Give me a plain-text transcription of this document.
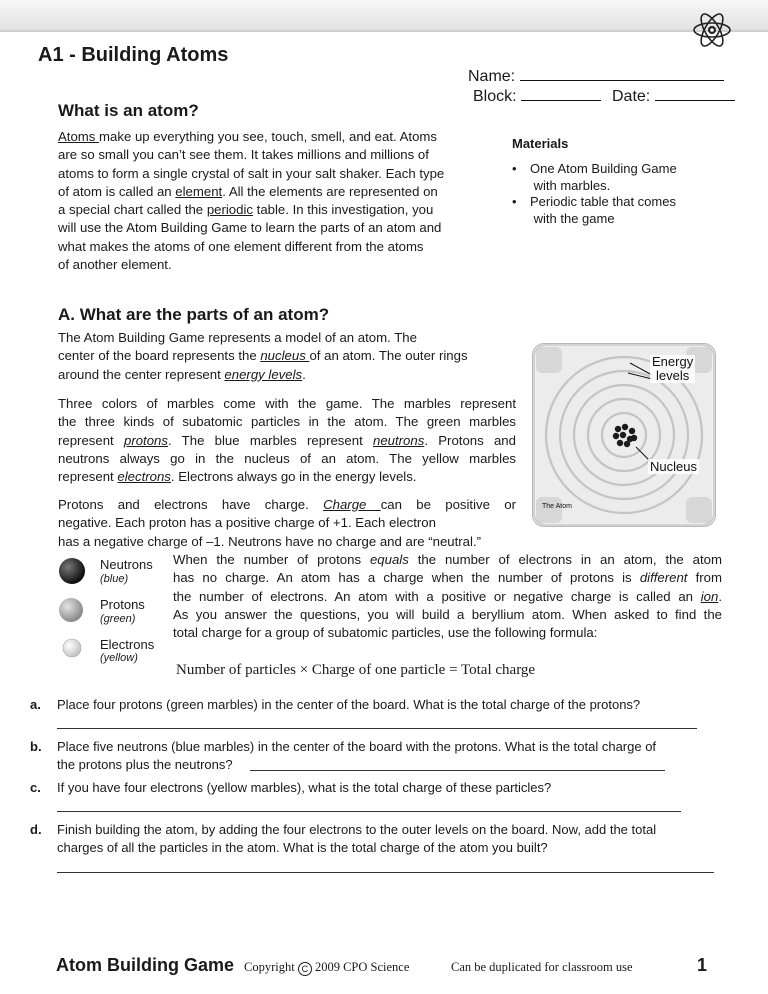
A1 - Building Atoms
Name:
Block:	Date:
What is an atom?
Atoms make up everything you see, touch, smell, and eat. Atoms
are so small you can’t see them. It takes millions and millions of
atoms to form a single crystal of salt in your salt shaker. Each type
of atom is called an element. All the elements are represented on
a special chart called the periodic table. In this investigation, you
will use the Atom Building Game to learn the parts of an atom and
what makes the atoms of one element different from the atoms
of another element.
Materials
• One Atom Building Game
with marbles.
• Periodic table that comes
with the game
A. What are the parts of an atom?
The Atom Building Game represents a model of an atom. The
center of the board represents the nucleus of an atom. The outer rings
around the center represent energy levels.
Three colors of marbles come with the game. The marbles represent
the three kinds of subatomic particles in the atom. The green marbles
represent protons. The blue marbles represent neutrons. Protons and
neutrons always go in the nucleus of an atom. The yellow marbles
represent electrons. Electrons always go in the energy levels.
Protons and electrons have charge. Charge can be positive or
negative. Each proton has a positive charge of +1. Each electron
has a negative charge of –1. Neutrons have no charge and are “neutral.”
When the number of protons equals the number of electrons in an atom, the atom
has no charge. An atom has a charge when the number of protons is different from
the number of electrons. An atom with a positive or negative charge is called an ion.
As you answer the questions, you will build a beryllium atom. When asked to find the
total charge for a group of subatomic particles, use the following formula:
Energy
levels
Nucleus
The Atom
Neutrons
(blue)
Protons
(green)
Electrons
(yellow)
Number of particles × Charge of one particle = Total charge
a. Place four protons (green marbles) in the center of the board. What is the total charge of the protons?
b. Place five neutrons (blue marbles) in the center of the board with the protons. What is the total charge of
the protons plus the neutrons?
c. If you have four electrons (yellow marbles), what is the total charge of these particles?
d. Finish building the atom, by adding the four electrons to the outer levels on the board. Now, add the total
charges of all the particles in the atom. What is the total charge of the atom you built?
Atom Building Game Copyright C 2009 CPO Science	Can be duplicated for classroom use	1
